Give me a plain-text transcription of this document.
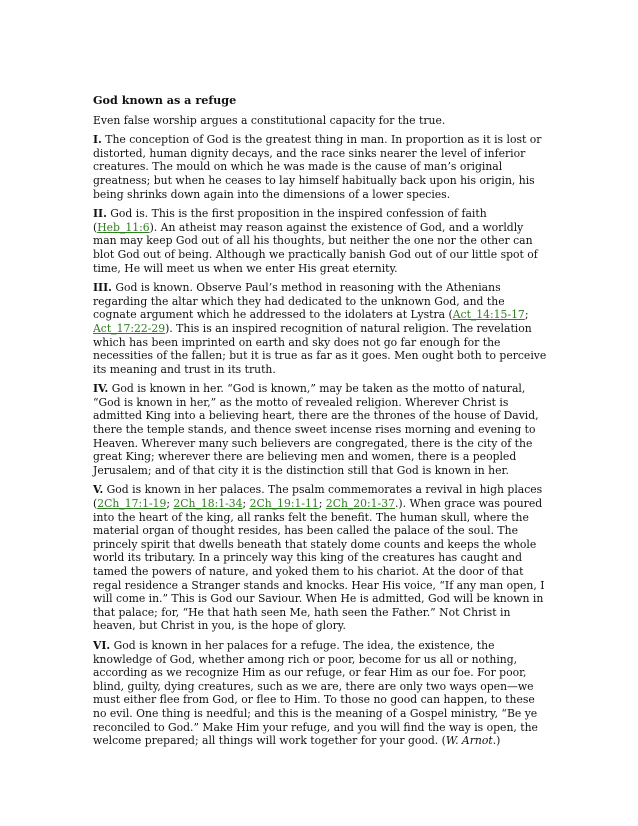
God known as a refuge
Even false worship argues a constitutional capacity for the true.
I. The conception of God is the greatest thing in man. In proportion as it is lost or distorted, human dignity decays, and the race sinks nearer the level of inferior creatures. The mould on which he was made is the cause of man’s original greatness; but when he ceases to lay himself habitually back upon his origin, his being shrinks down again into the dimensions of a lower species.
II. God is. This is the first proposition in the inspired confession of faith (Heb_11:6). An atheist may reason against the existence of God, and a worldly man may keep God out of all his thoughts, but neither the one nor the other can blot God out of being. Although we practically banish God out of our little spot of time, He will meet us when we enter His great eternity.
III. God is known. Observe Paul’s method in reasoning with the Athenians regarding the altar which they had dedicated to the unknown God, and the cognate argument which he addressed to the idolaters at Lystra (Act_14:15-17; Act_17:22-29). This is an inspired recognition of natural religion. The revelation which has been imprinted on earth and sky does not go far enough for the necessities of the fallen; but it is true as far as it goes. Men ought both to perceive its meaning and trust in its truth.
IV. God is known in her. “God is known,” may be taken as the motto of natural, “God is known in her,” as the motto of revealed religion. Wherever Christ is admitted King into a believing heart, there are the thrones of the house of David, there the temple stands, and thence sweet incense rises morning and evening to Heaven. Wherever many such believers are congregated, there is the city of the great King; wherever there are believing men and women, there is a peopled Jerusalem; and of that city it is the distinction still that God is known in her.
V. God is known in her palaces. The psalm commemorates a revival in high places (2Ch_17:1-19; 2Ch_18:1-34; 2Ch_19:1-11; 2Ch_20:1-37.). When grace was poured into the heart of the king, all ranks felt the benefit. The human skull, where the material organ of thought resides, has been called the palace of the soul. The princely spirit that dwells beneath that stately dome counts and keeps the whole world its tributary. In a princely way this king of the creatures has caught and tamed the powers of nature, and yoked them to his chariot. At the door of that regal residence a Stranger stands and knocks. Hear His voice, “If any man open, I will come in.” This is God our Saviour. When He is admitted, God will be known in that palace; for, “He that hath seen Me, hath seen the Father.” Not Christ in heaven, but Christ in you, is the hope of glory.
VI. God is known in her palaces for a refuge. The idea, the existence, the knowledge of God, whether among rich or poor, become for us all or nothing, according as we recognize Him as our refuge, or fear Him as our foe. For poor, blind, guilty, dying creatures, such as we are, there are only two ways open—we must either flee from God, or flee to Him. To those no good can happen, to these no evil. One thing is needful; and this is the meaning of a Gospel ministry, “Be ye reconciled to God.” Make Him your refuge, and you will find the way is open, the welcome prepared; all things will work together for your good. (W. Arnot.)
